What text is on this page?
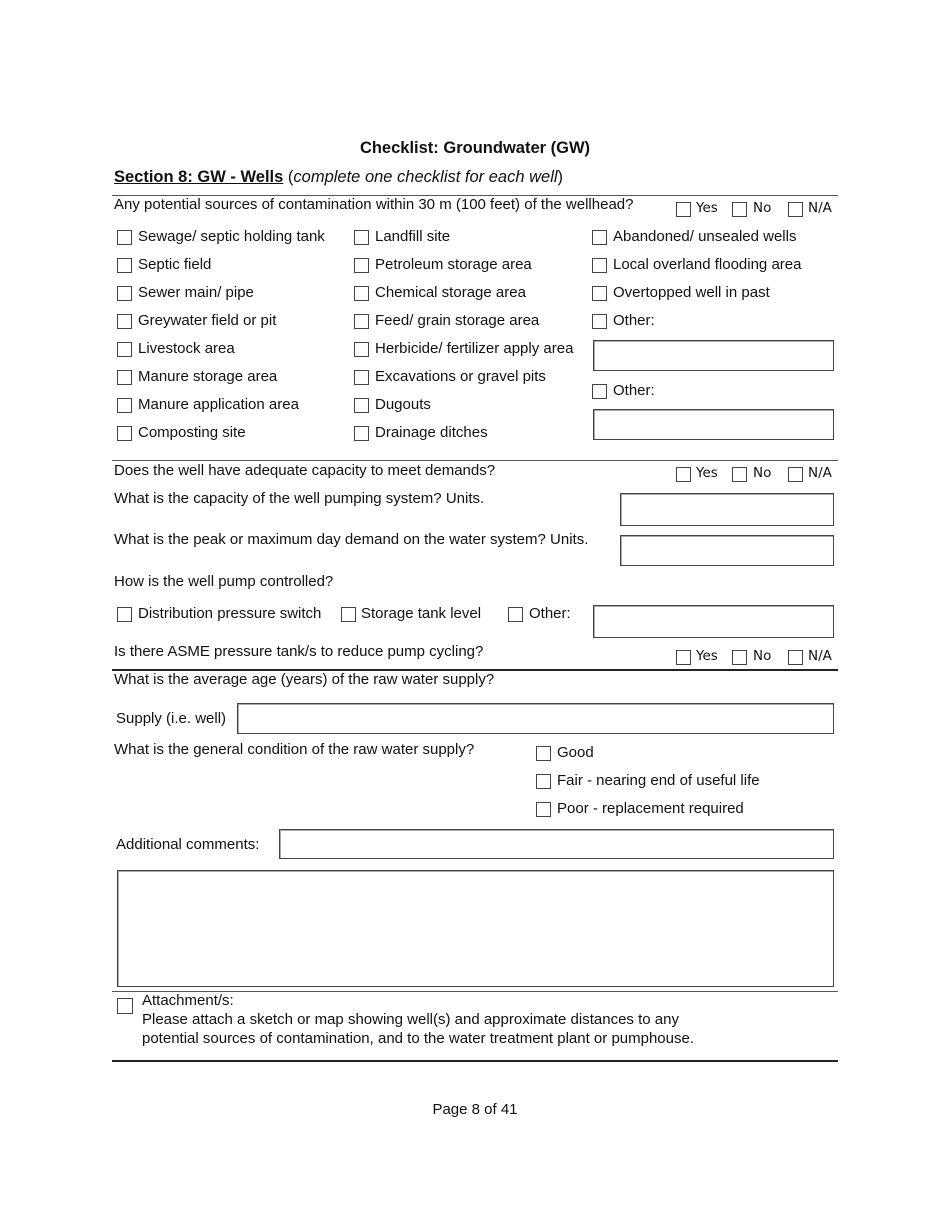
Checklist: Groundwater (GW)
Section 8: GW - Wells (complete one checklist for each well)
Any potential sources of contamination within 30 m (100 feet) of the wellhead?	Yes	No	N/A
Sewage/ septic holding tank
Septic field
Sewer main/ pipe
Greywater field or pit
Livestock area
Manure storage area
Manure application area
Composting site
Landfill site
Petroleum storage area
Chemical storage area
Feed/ grain storage area
Herbicide/ fertilizer apply area
Excavations or gravel pits
Dugouts
Drainage ditches
Abandoned/ unsealed wells
Local overland flooding area
Overtopped well in past
Other:
Other:
Does the well have adequate capacity to meet demands?	Yes	No	N/A
What is the capacity of the well pumping system? Units.
What is the peak or maximum day demand on the water system? Units.
How is the well pump controlled?
Distribution pressure switch	Storage tank level	Other:
Is there ASME pressure tank/s to reduce pump cycling?	Yes	No	N/A
What is the average age (years) of the raw water supply?
Supply (i.e. well)
What is the general condition of the raw water supply?	Good
Fair - nearing end of useful life
Poor - replacement required
Additional comments:
Attachment/s:
Please attach a sketch or map showing well(s) and approximate distances to any
potential sources of contamination, and to the water treatment plant or pumphouse.
Page 8 of 41
